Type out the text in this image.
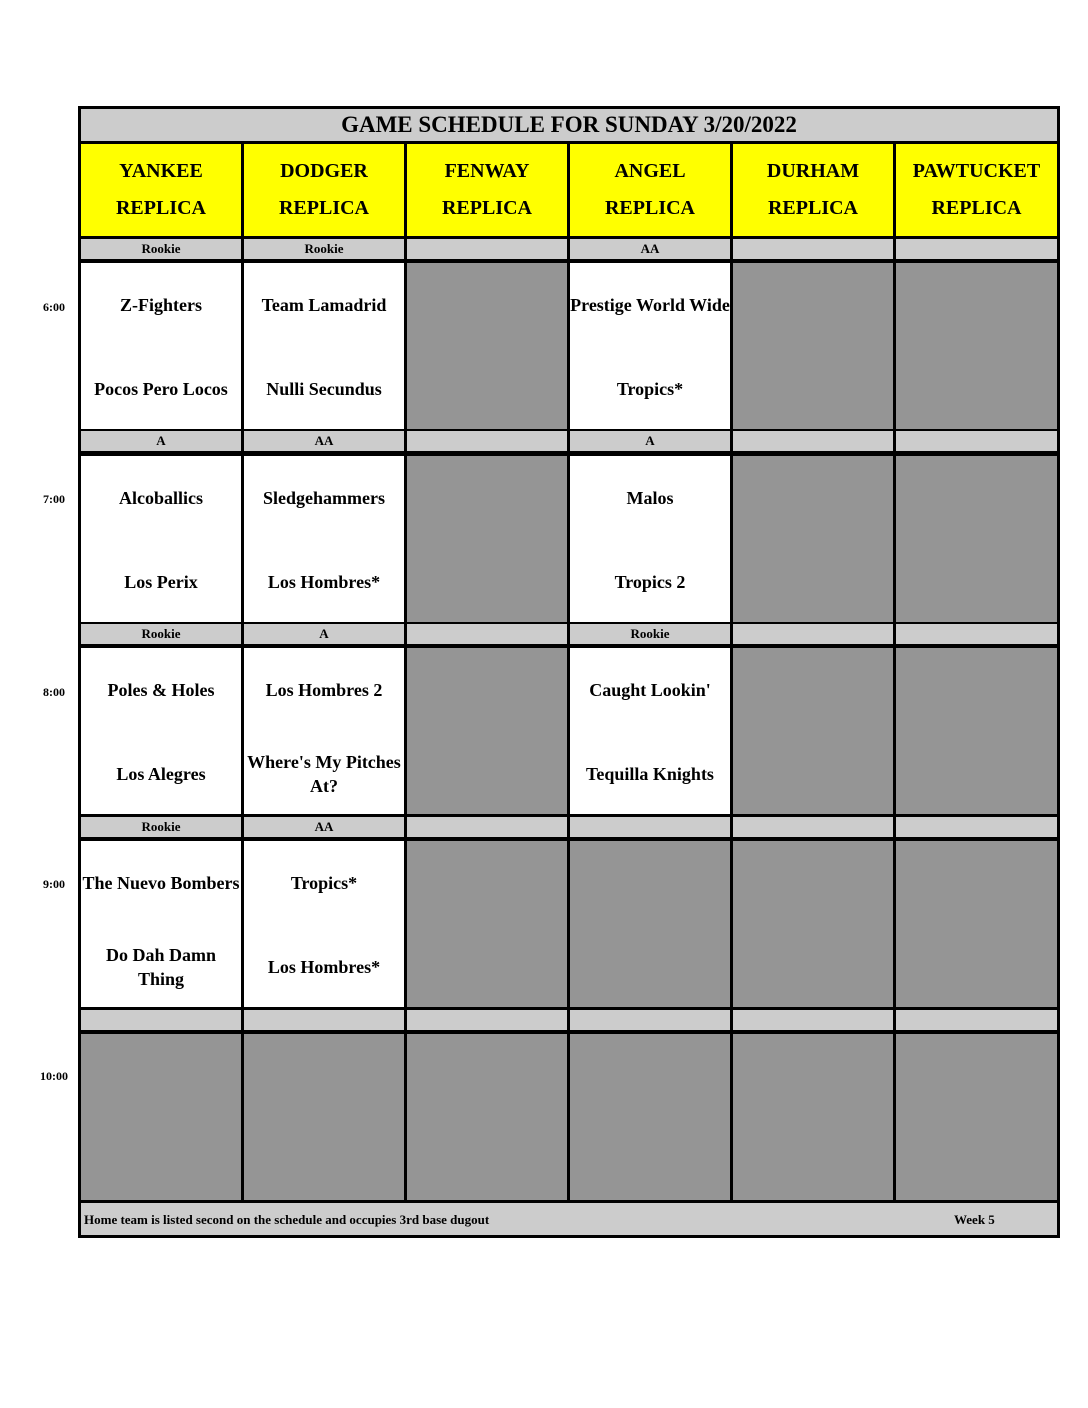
GAME SCHEDULE FOR SUNDAY 3/20/2022
Home team is listed second on the schedule and occupies 3rd base dugout	Week 5
YANKEE
REPLICA
DODGER
REPLICA
FENWAY
REPLICA
ANGEL
REPLICA
DURHAM
REPLICA
PAWTUCKET
REPLICA
Rookie
Z-Fighters
Pocos Pero Locos
Rookie
Team Lamadrid
Nulli Secundus
AA
Prestige World Wide
Tropics*
A
Alcoballics
Los Perix
AA
Sledgehammers
Los Hombres*
A
Malos
Tropics 2
Rookie
Poles & Holes
Los Alegres
A
Los Hombres 2
Where's My Pitches At?
Rookie
Caught Lookin'
Tequilla Knights
Rookie
The Nuevo Bombers
Do Dah Damn Thing
AA
Tropics*
Los Hombres*
6:00
7:00
8:00
9:00
10:00
